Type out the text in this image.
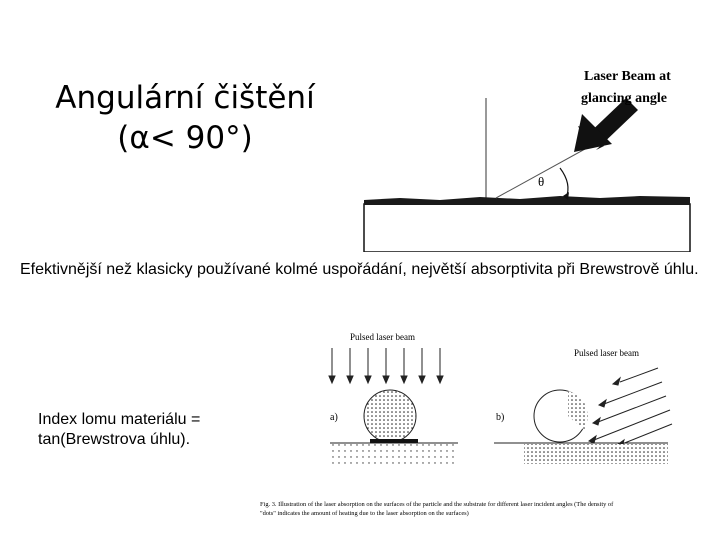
Angulární čištění
(α< 90°)
θ
Laser Beam at
glancing angle
Efektivnější než klasicky používané kolmé uspořádání, největší absorptivita při Brewstrově úhlu.
Index lomu materiálu =
tan(Brewstrova úhlu).
Pulsed laser beam
a)
Pulsed laser beam
b)
Fig. 3. Illustration of the laser absorption on the surfaces of the particle and the substrate for different laser incident angles (The density of
"dots" indicates the amount of heating due to the laser absorption on the surfaces)
